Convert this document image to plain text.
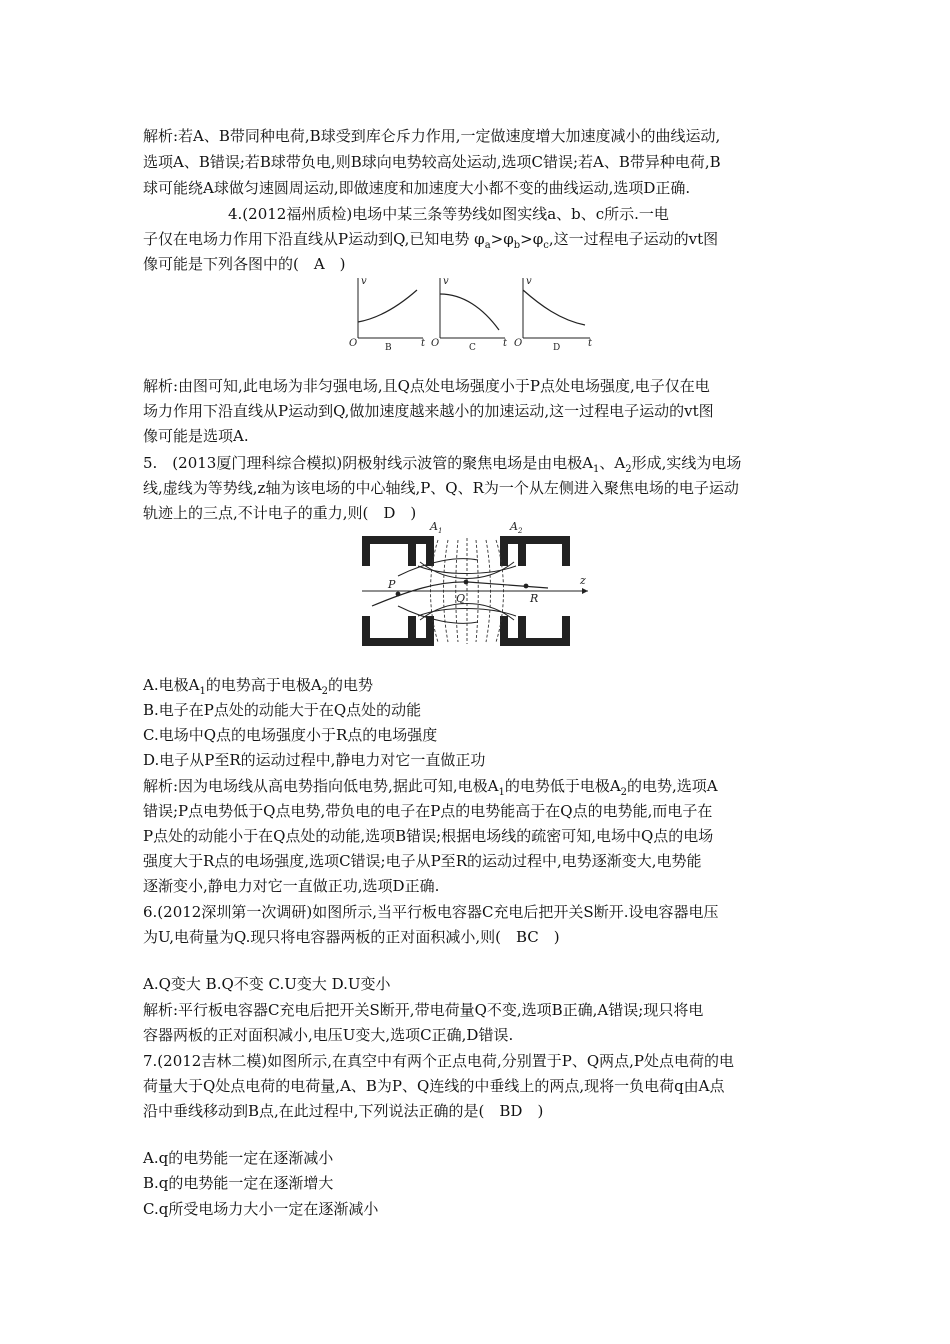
解析:若A、B带同种电荷,B球受到库仑斥力作用,一定做速度增大加速度减小的曲线运动,
选项A、B错误;若B球带负电,则B球向电势较高处运动,选项C错误;若A、B带异种电荷,B
球可能绕A球做匀速圆周运动,即做速度和加速度大小都不变的曲线运动,选项D正确.
4.(2012福州质检)电场中某三条等势线如图实线a、b、c所示.一电
子仅在电场力作用下沿直线从P运动到Q,已知电势 $\varphi_a>\varphi_b>\varphi_c$,这一过程电子运动的vt图
像可能是下列各图中的(　A　)
v
t
O
v
t
O
v
t
O
B	C	D
解析:由图可知,此电场为非匀强电场,且Q点处电场强度小于P点处电场强度,电子仅在电
场力作用下沿直线从P运动到Q,做加速度越来越小的加速运动,这一过程电子运动的vt图
像可能是选项A.
5.　(2013厦门理科综合模拟)阴极射线示波管的聚焦电场是由电极$A_1$、$A_2$形成,实线为电场
线,虚线为等势线,z轴为该电场的中心轴线,P、Q、R为一个从左侧进入聚焦电场的电子运动
轨迹上的三点,不计电子的重力,则(　D　)
$A_1$	$A_2$
P
Q	R
z
A.电极$A_1$的电势高于电极$A_2$的电势
B.电子在P点处的动能大于在Q点处的动能
C.电场中Q点的电场强度小于R点的电场强度
D.电子从P至R的运动过程中,静电力对它一直做正功
解析:因为电场线从高电势指向低电势,据此可知,电极$A_1$的电势低于电极$A_2$的电势,选项A
错误;P点电势低于Q点电势,带负电的电子在P点的电势能高于在Q点的电势能,而电子在
P点处的动能小于在Q点处的动能,选项B错误;根据电场线的疏密可知,电场中Q点的电场
强度大于R点的电场强度,选项C错误;电子从P至R的运动过程中,电势逐渐变大,电势能
逐渐变小,静电力对它一直做正功,选项D正确.
6.(2012深圳第一次调研)如图所示,当平行板电容器C充电后把开关S断开.设电容器电压
为U,电荷量为Q.现只将电容器两板的正对面积减小,则(　BC　)
A.Q变大 B.Q不变 C.U变大 D.U变小
解析:平行板电容器C充电后把开关S断开,带电荷量Q不变,选项B正确,A错误;现只将电
容器两板的正对面积减小,电压U变大,选项C正确,D错误.
7.(2012吉林二模)如图所示,在真空中有两个正点电荷,分别置于P、Q两点,P处点电荷的电
荷量大于Q处点电荷的电荷量,A、B为P、Q连线的中垂线上的两点,现将一负电荷q由A点
沿中垂线移动到B点,在此过程中,下列说法正确的是(　BD　)
A.q的电势能一定在逐渐减小
B.q的电势能一定在逐渐增大
C.q所受电场力大小一定在逐渐减小
